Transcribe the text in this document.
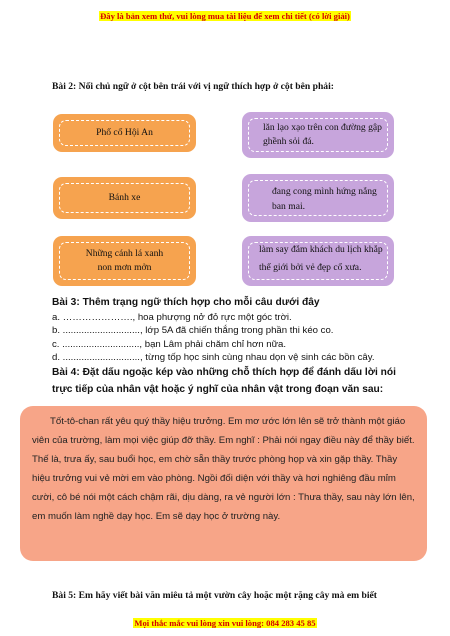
Đây là bản xem thử, vui lòng mua tài liệu để xem chi tiết (có lời giải)
Bài 2: Nối chủ ngữ ở cột bên trái với vị ngữ thích hợp ở cột bên phải:
Phố cổ Hội An	lăn lạo xạo trên con đường gập
ghềnh sỏi đá.
Bánh xe
đang cong mình hứng nắng
ban mai.
Những cánh lá xanh
non mơn mởn
làm say đắm khách du lịch khắp
thế giới bởi vẻ đẹp cổ xưa.
Bài 3: Thêm trạng ngữ thích hợp cho mỗi câu dưới đây
a. …………………., hoa phượng nở đỏ rực một góc trời.
b. ............................., lớp 5A đã chiến thắng trong phần thi kéo co.
c. ............................., bạn Lâm phải chăm chỉ hơn nữa.
d. ............................., từng tốp học sinh cùng nhau dọn vệ sinh các bồn cây.
Bài 4: Đặt dấu ngoặc kép vào những chỗ thích hợp để đánh dấu lời nói
trực tiếp của nhân vật hoặc ý nghĩ của nhân vật trong đoạn văn sau:

Tốt-tô-chan rất yêu quý thầy hiệu trưởng. Em mơ ước lớn lên sẽ trở thành một giáo viên của trường, làm mọi việc giúp đỡ thầy. Em nghĩ : Phải nói ngay điều này để thầy biết. Thế là, trưa ấy, sau buổi học, em chờ sẵn thầy trước phòng họp và xin gặp thầy. Thầy hiệu trưởng vui vẻ mời em vào phòng. Ngồi đối diện với thầy và hơi nghiêng đầu mỉm cười, cô bé nói một cách chậm rãi, dịu dàng, ra vẻ người lớn : Thưa thầy, sau này lớn lên, em muốn làm nghề dạy học. Em sẽ dạy học ở trường này.

Bài 5: Em hãy viết bài văn miêu tả một vườn cây hoặc một rặng cây mà em biết
Mọi thắc mắc vui lòng xin vui lòng: 084 283 45 85
